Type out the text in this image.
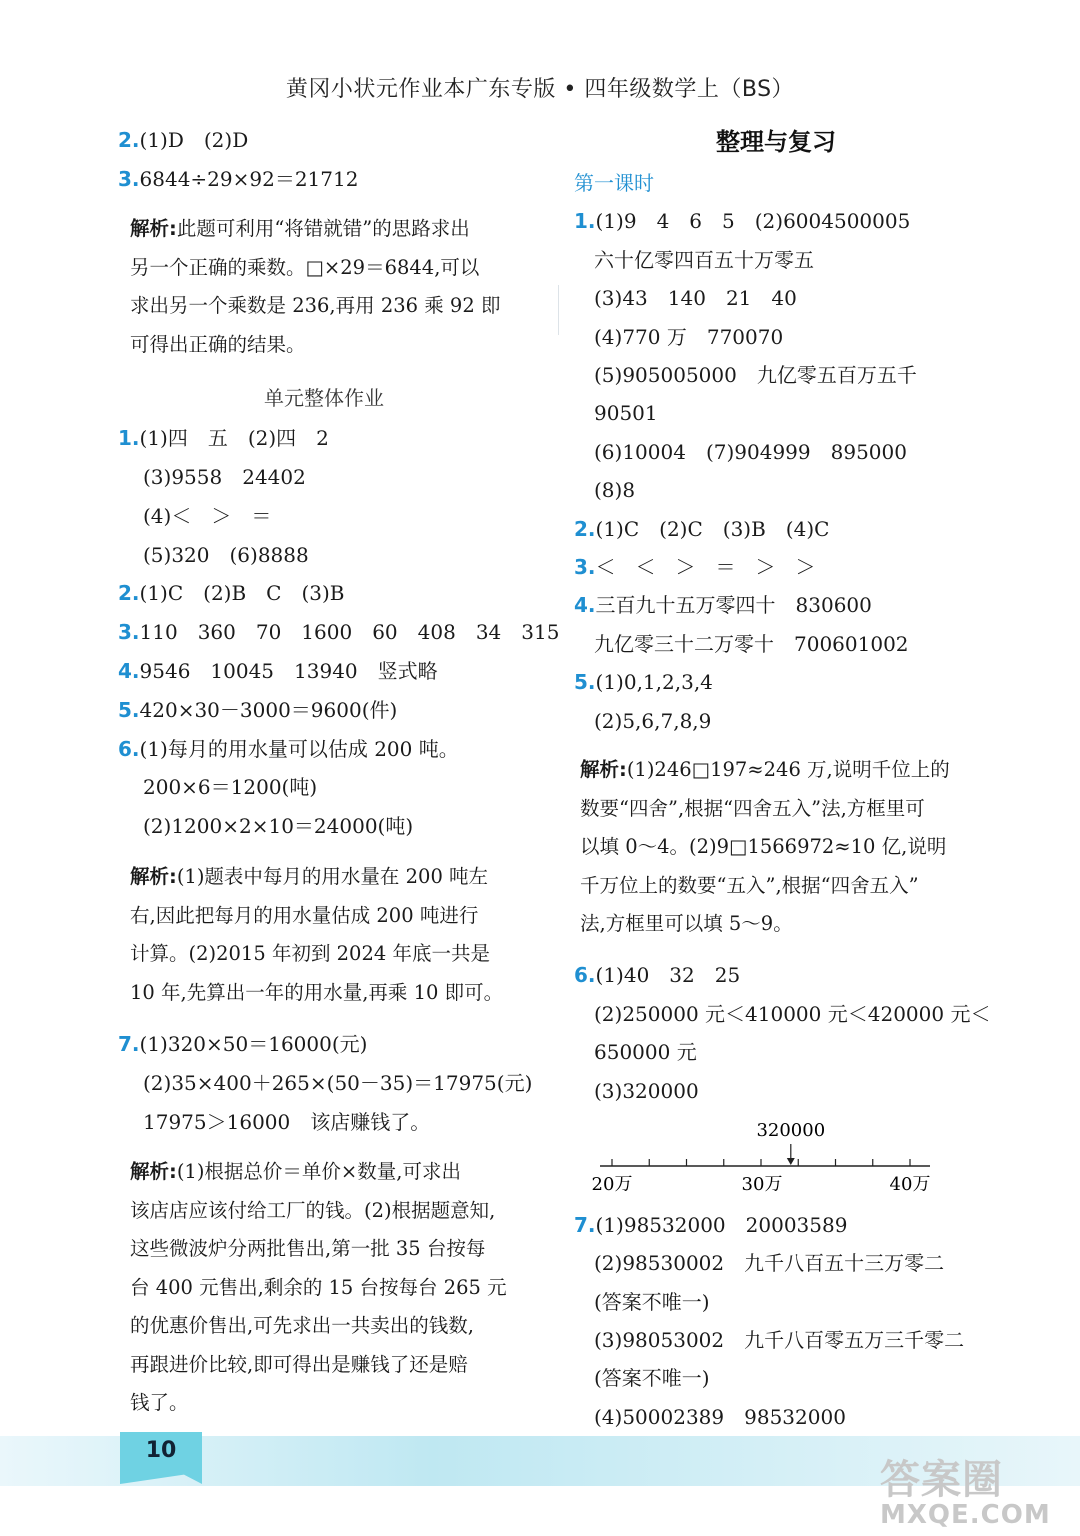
黄冈小状元作业本广东专版 • 四年级数学上（BS）
2.(1)D　(2)D
3.6844÷29×92＝21712
解析:此题可利用“将错就错”的思路求出
另一个正确的乘数。□×29＝6844,可以
求出另一个乘数是 236,再用 236 乘 92 即
可得出正确的结果。
单元整体作业
1.(1)四　五　(2)四　2
(3)9558　24402
(4)＜　＞　＝
(5)320　(6)8888
2.(1)C　(2)B　C　(3)B
3.110　360　70　1600　60　408　34　315
4.9546　10045　13940　竖式略
5.420×30－3000＝9600(件)
6.(1)每月的用水量可以估成 200 吨。
200×6＝1200(吨)
(2)1200×2×10＝24000(吨)
解析:(1)题表中每月的用水量在 200 吨左
右,因此把每月的用水量估成 200 吨进行
计算。(2)2015 年初到 2024 年底一共是
10 年,先算出一年的用水量,再乘 10 即可。
7.(1)320×50＝16000(元)
(2)35×400＋265×(50－35)＝17975(元)
17975＞16000　该店赚钱了。
解析:(1)根据总价＝单价×数量,可求出
该店店应该付给工厂的钱。(2)根据题意知,
这些微波炉分两批售出,第一批 35 台按每
台 400 元售出,剩余的 15 台按每台 265 元
的优惠价售出,可先求出一共卖出的钱数,
再跟进价比较,即可得出是赚钱了还是赔
钱了。
整理与复习
第一课时
1.(1)9　4　6　5　(2)6004500005
六十亿零四百五十万零五
(3)43　140　21　40
(4)770 万　770070
(5)905005000　九亿零五百万五千
90501
(6)10004　(7)904999　895000
(8)8
2.(1)C　(2)C　(3)B　(4)C
3.＜　＜　＞　＝　＞　＞
4.三百九十五万零四十　830600
九亿零三十二万零十　700601002
5.(1)0,1,2,3,4
(2)5,6,7,8,9
解析:(1)246□197≈246 万,说明千位上的
数要“四舍”,根据“四舍五入”法,方框里可
以填 0～4。(2)9□1566972≈10 亿,说明
千万位上的数要“五入”,根据“四舍五入”
法,方框里可以填 5～9。
6.(1)40　32　25
(2)250000 元＜410000 元＜420000 元＜
650000 元
(3)320000
7.(1)98532000　20003589
(2)98530002　九千八百五十三万零二
(答案不唯一)
(3)98053002　九千八百零五万三千零二
(答案不唯一)
(4)50002389　98532000
320000
20万	30万	40万
10
答案圈
MXQE.COM
